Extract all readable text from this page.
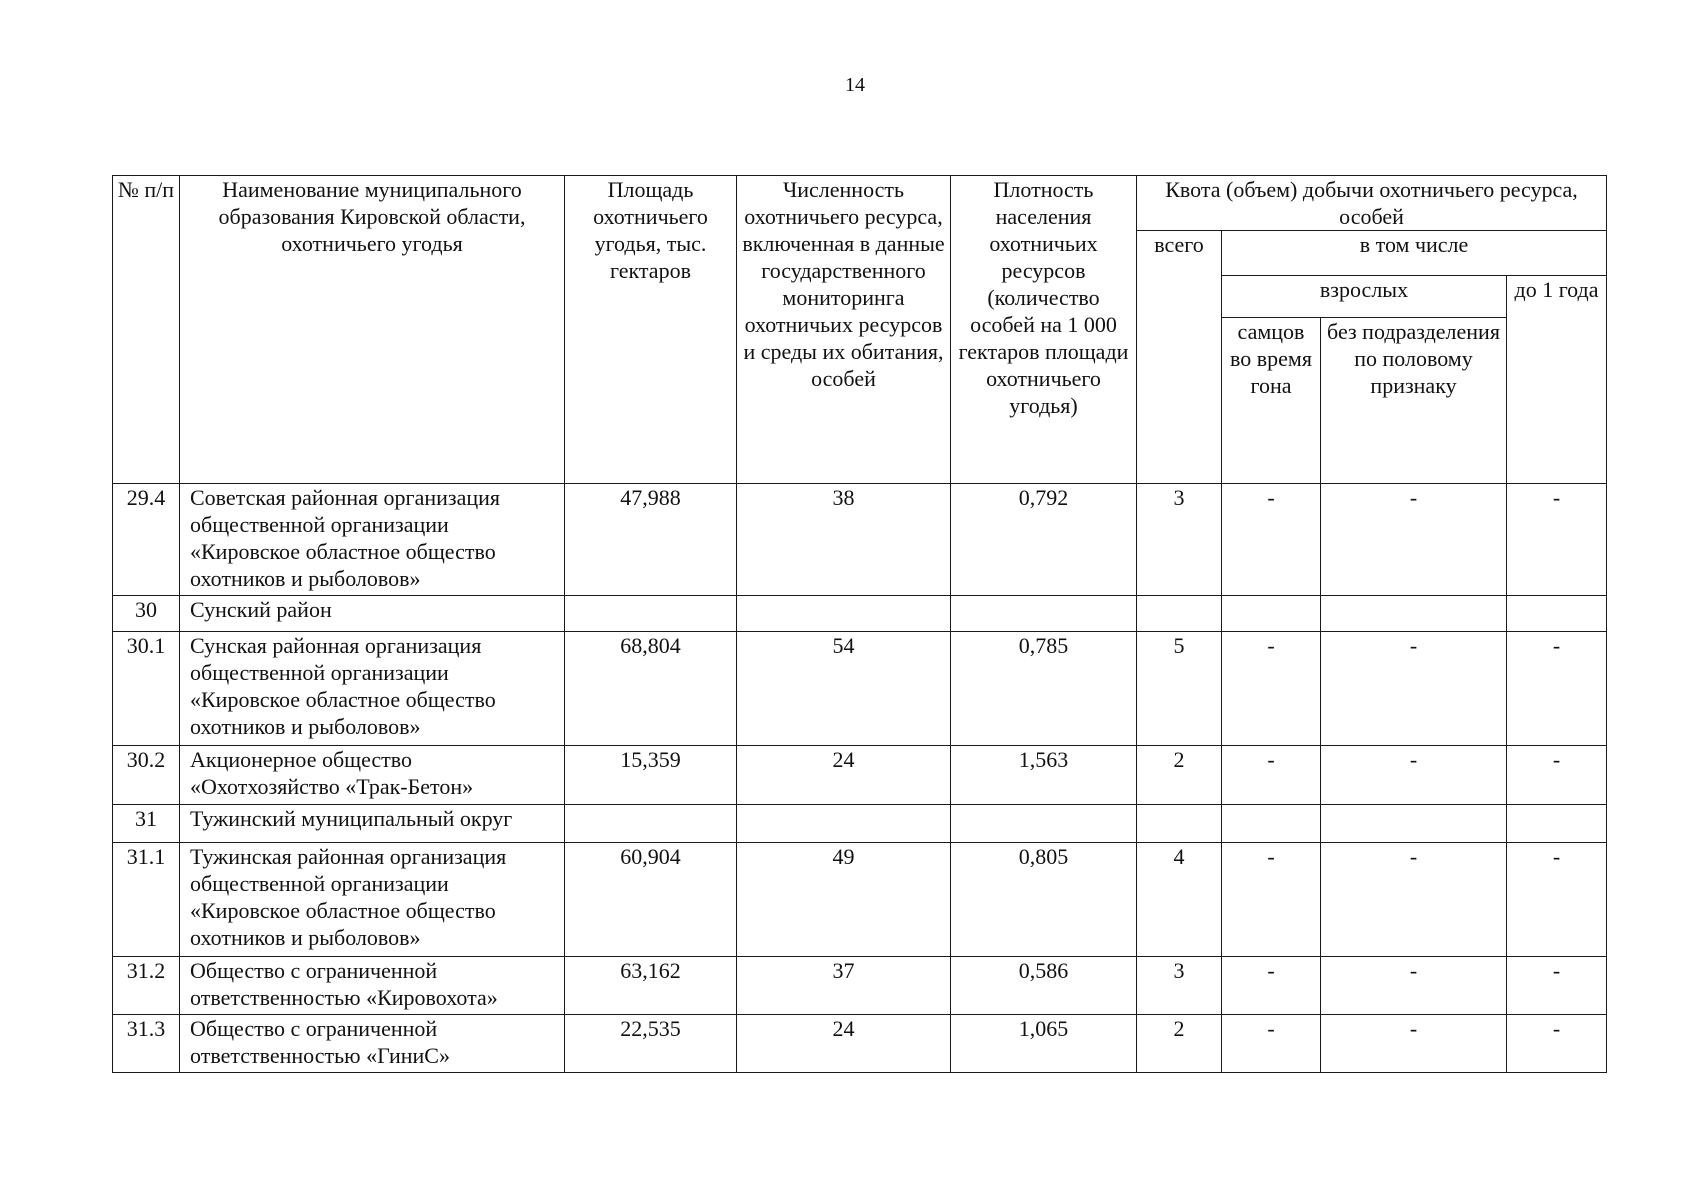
14
№ п/п	Наименование муниципального образования Кировской области, охотничьего угодья	Площадь охотничьего угодья, тыс. гектаров	Численность охотничьего ресурса, включенная в данные государственного мониторинга охотничьих ресурсов и среды их обитания, особей	Плотность населения охотничьих ресурсов (количество особей на 1 000 гектаров площади охотничьего угодья)	Квота (объем) добычи охотничьего ресурса, особей			
					всего	в том числе		
						взрослых		до 1 года
						самцов во время гона	без подразделения по половому признаку	
29.4	Советская районная организация общественной организации «Кировское областное общество охотников и рыболовов»	47,988	38	0,792	3	-	-	-
30	Сунский район							
30.1	Сунская районная организация общественной организации «Кировское областное общество охотников и рыболовов»	68,804	54	0,785	5	-	-	-
30.2	Акционерное общество «Охотхозяйство «Трак-Бетон»	15,359	24	1,563	2	-	-	-
31	Тужинский муниципальный округ							
31.1	Тужинская районная организация общественной организации «Кировское областное общество охотников и рыболовов»	60,904	49	0,805	4	-	-	-
31.2	Общество с ограниченной ответственностью «Кировохота»	63,162	37	0,586	3	-	-	-
31.3	Общество с ограниченной ответственностью «ГиниС»	22,535	24	1,065	2	-	-	-
